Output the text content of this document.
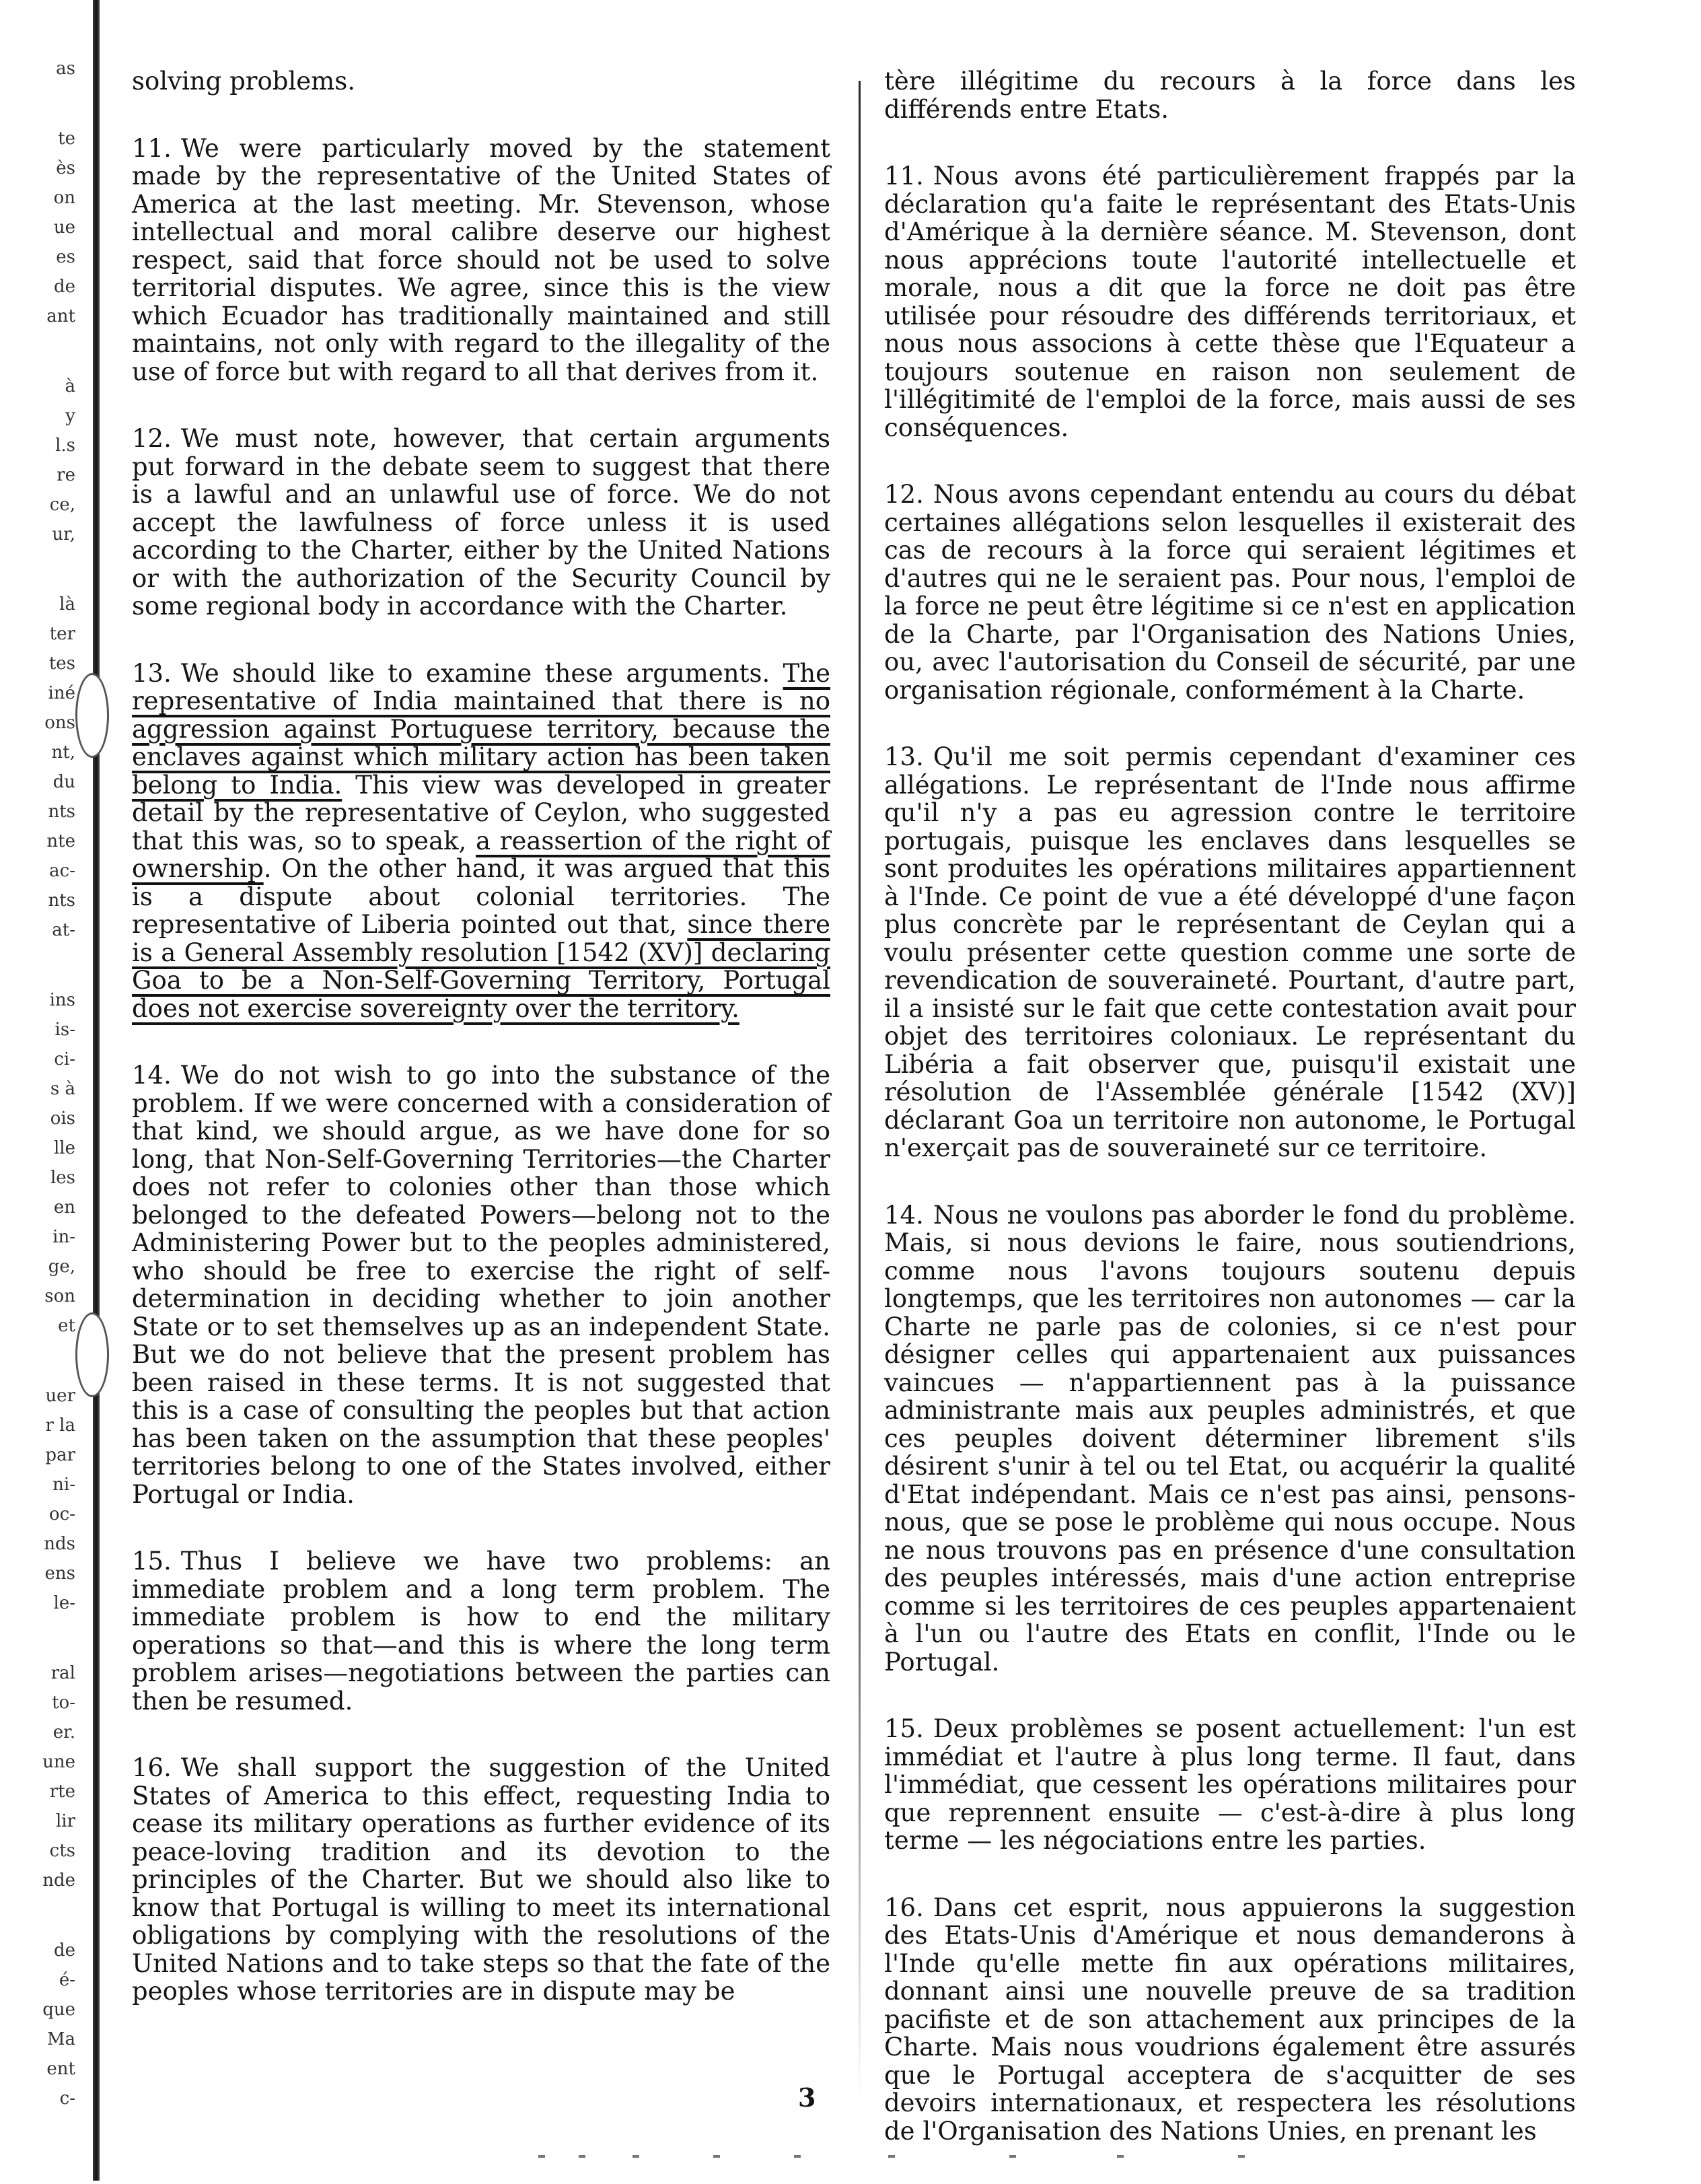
as
te
ès
on
ue
es
de
ant
à
y
l.s
re
ce,
ur,
là
ter
tes
iné
ons
nt,
du
nts
nte
ac-
nts
at-
ins
is-
ci-
s à
ois
lle
les
en
in-
ge,
son
et
uer
r la
par
ni-
oc-
nds
ens
le-
ral
to-
er.
une
rte
lir
cts
nde
de
é-
que
Ma
ent
c-

solving problems.

11. We were particularly moved by the statement made by the representative of the United States of America at the last meeting. Mr. Stevenson, whose intellectual and moral calibre deserve our highest respect, said that force should not be used to solve territorial disputes. We agree, since this is the view which Ecuador has traditionally maintained and still maintains, not only with regard to the illegality of the use of force but with regard to all that derives from it.
12. We must note, however, that certain arguments put forward in the debate seem to suggest that there is a lawful and an unlawful use of force. We do not accept the lawfulness of force unless it is used according to the Charter, either by the United Nations or with the authorization of the Security Council by some regional body in accordance with the Charter.
13. We should like to examine these arguments. The representative of India maintained that there is no aggression against Portuguese territory, because the enclaves against which military action has been taken belong to India. This view was developed in greater detail by the representative of Ceylon, who suggested that this was, so to speak, a reassertion of the right of ownership. On the other hand, it was argued that this is a dispute about colonial territories. The representative of Liberia pointed out that, since there is a General Assembly resolution [1542 (XV)] declaring Goa to be a Non-Self-Governing Territory, Portugal does not exercise sovereignty over the territory.
14. We do not wish to go into the substance of the problem. If we were concerned with a consideration of that kind, we should argue, as we have done for so long, that Non-Self-Governing Territories—the Charter does not refer to colonies other than those which belonged to the defeated Powers—belong not to the Administering Power but to the peoples administered, who should be free to exercise the right of self-determination in deciding whether to join another State or to set themselves up as an independent State. But we do not believe that the present problem has been raised in these terms. It is not suggested that this is a case of consulting the peoples but that action has been taken on the assumption that these peoples' territories belong to one of the States involved, either Portugal or India.
15. Thus I believe we have two problems: an immediate problem and a long term problem. The immediate problem is how to end the military operations so that—and this is where the long term problem arises—negotiations between the parties can then be resumed.
16. We shall support the suggestion of the United States of America to this effect, requesting India to cease its military operations as further evidence of its peace-loving tradition and its devotion to the principles of the Charter. But we should also like to know that Portugal is willing to meet its international obligations by complying with the resolutions of the United Nations and to take steps so that the fate of the peoples whose territories are in dispute may be

tère illégitime du recours à la force dans les différends entre Etats.

11. Nous avons été particulièrement frappés par la déclaration qu'a faite le représentant des Etats-Unis d'Amérique à la dernière séance. M. Stevenson, dont nous apprécions toute l'autorité intellectuelle et morale, nous a dit que la force ne doit pas être utilisée pour résoudre des différends territoriaux, et nous nous associons à cette thèse que l'Equateur a toujours soutenue en raison non seulement de l'illégitimité de l'emploi de la force, mais aussi de ses conséquences.
12. Nous avons cependant entendu au cours du débat certaines allégations selon lesquelles il existerait des cas de recours à la force qui seraient légitimes et d'autres qui ne le seraient pas. Pour nous, l'emploi de la force ne peut être légitime si ce n'est en application de la Charte, par l'Organisation des Nations Unies, ou, avec l'autorisation du Conseil de sécurité, par une organisation régionale, conformément à la Charte.
13. Qu'il me soit permis cependant d'examiner ces allégations. Le représentant de l'Inde nous affirme qu'il n'y a pas eu agression contre le territoire portugais, puisque les enclaves dans lesquelles se sont produites les opérations militaires appartiennent à l'Inde. Ce point de vue a été développé d'une façon plus concrète par le représentant de Ceylan qui a voulu présenter cette question comme une sorte de revendication de souveraineté. Pourtant, d'autre part, il a insisté sur le fait que cette contestation avait pour objet des territoires coloniaux. Le représentant du Libéria a fait observer que, puisqu'il existait une résolution de l'Assemblée générale [1542 (XV)] déclarant Goa un territoire non autonome, le Portugal n'exerçait pas de souveraineté sur ce territoire.
14. Nous ne voulons pas aborder le fond du problème. Mais, si nous devions le faire, nous soutiendrions, comme nous l'avons toujours soutenu depuis longtemps, que les territoires non autonomes — car la Charte ne parle pas de colonies, si ce n'est pour désigner celles qui appartenaient aux puissances vaincues — n'appartiennent pas à la puissance administrante mais aux peuples administrés, et que ces peuples doivent déterminer librement s'ils désirent s'unir à tel ou tel Etat, ou acquérir la qualité d'Etat indépendant. Mais ce n'est pas ainsi, pensons-nous, que se pose le problème qui nous occupe. Nous ne nous trouvons pas en présence d'une consultation des peuples intéressés, mais d'une action entreprise comme si les territoires de ces peuples appartenaient à l'un ou l'autre des Etats en conflit, l'Inde ou le Portugal.
15. Deux problèmes se posent actuellement: l'un est immédiat et l'autre à plus long terme. Il faut, dans l'immédiat, que cessent les opérations militaires pour que reprennent ensuite — c'est-à-dire à plus long terme — les négociations entre les parties.
16. Dans cet esprit, nous appuierons la suggestion des Etats-Unis d'Amérique et nous demanderons à l'Inde qu'elle mette fin aux opérations militaires, donnant ainsi une nouvelle preuve de sa tradition pacifiste et de son attachement aux principes de la Charte. Mais nous voudrions également être assurés que le Portugal acceptera de s'acquitter de ses devoirs internationaux, et respectera les résolutions de l'Organisation des Nations Unies, en prenant les
3
